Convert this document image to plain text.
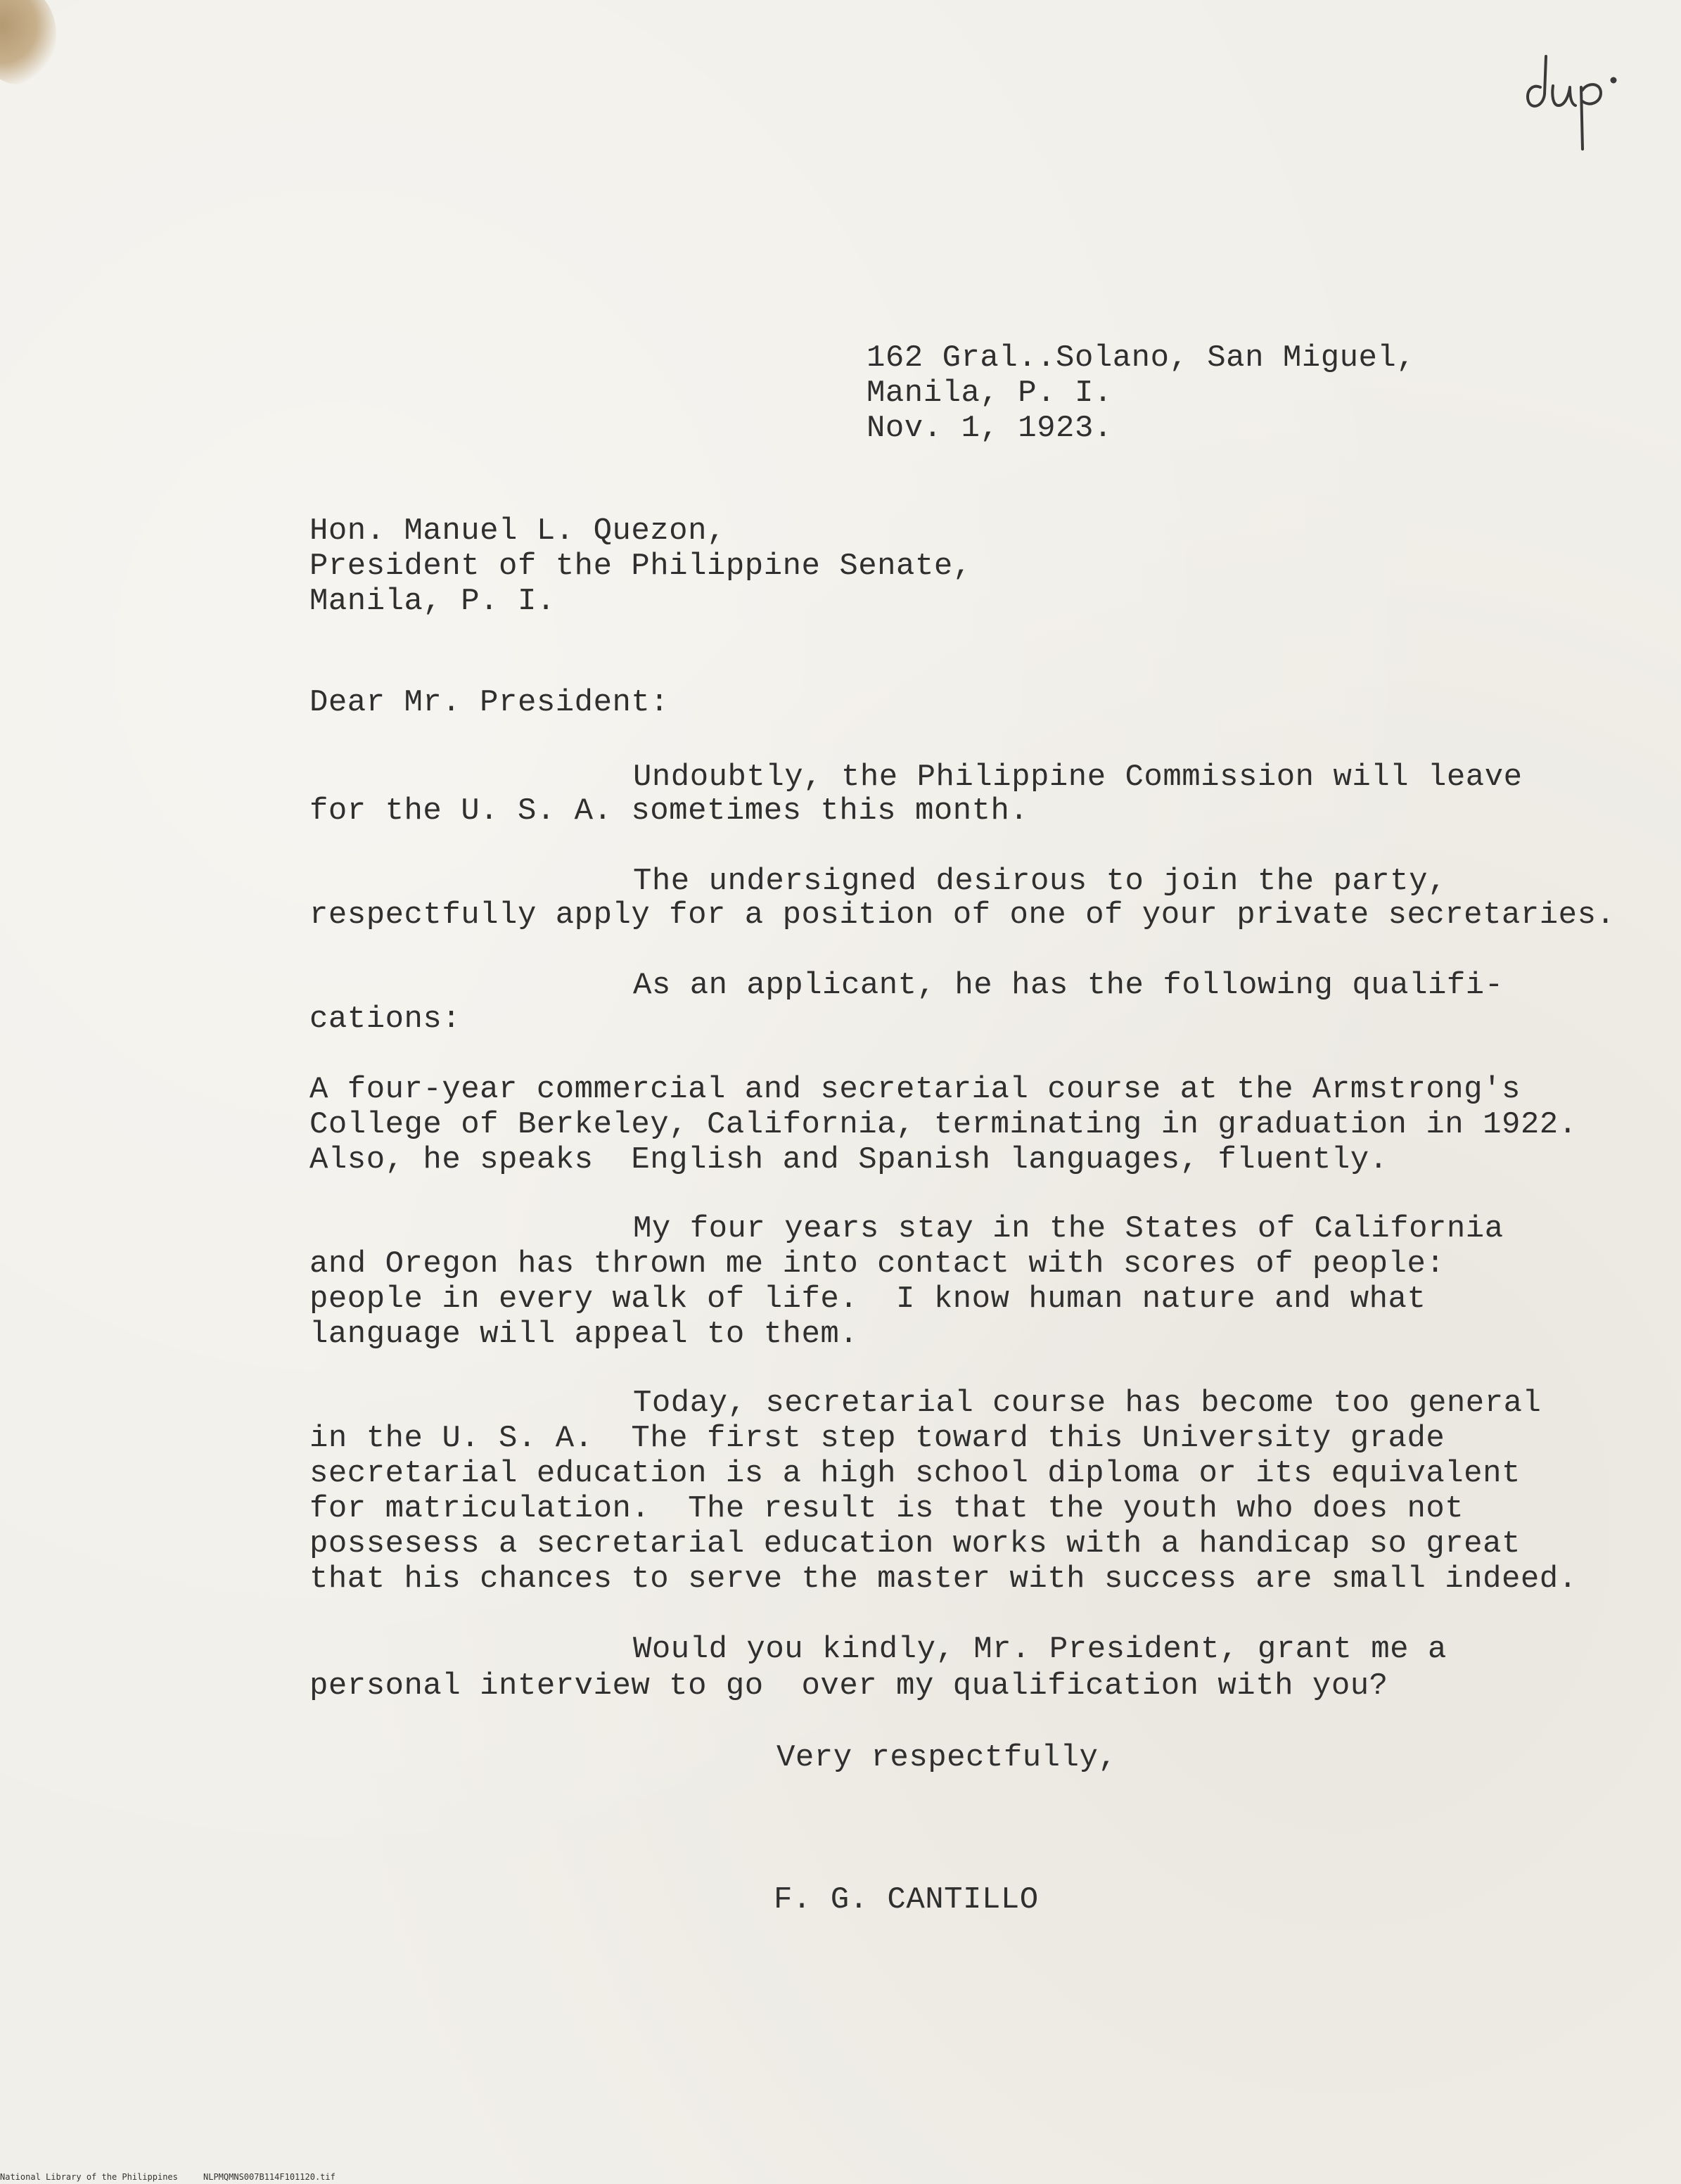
162 Gral..Solano, San Miguel,

Manila, P. I.

Nov. 1, 1923.

Hon. Manuel L. Quezon,

President of the Philippine Senate,

Manila, P. I.

Dear Mr. President:

Undoubtly, the Philippine Commission will leave

for the U. S. A. sometimes this month.

The undersigned desirous to join the party,

respectfully apply for a position of one of your private secretaries.

As an applicant, he has the following qualifi-

cations:

A four-year commercial and secretarial course at the Armstrong's

College of Berkeley, California, terminating in graduation in 1922.

Also, he speaks  English and Spanish languages, fluently.

My four years stay in the States of California

and Oregon has thrown me into contact with scores of people:

people in every walk of life.  I know human nature and what

language will appeal to them.

Today, secretarial course has become too general

in the U. S. A.  The first step toward this University grade

secretarial education is a high school diploma or its equivalent

for matriculation.  The result is that the youth who does not

possesess a secretarial education works with a handicap so great

that his chances to serve the master with success are small indeed.

Would you kindly, Mr. President, grant me a

personal interview to go  over my qualification with you?

Very respectfully,

F. G. CANTILLO

National Library of the Philippines	NLPMQMNS007B114F101120.tif
